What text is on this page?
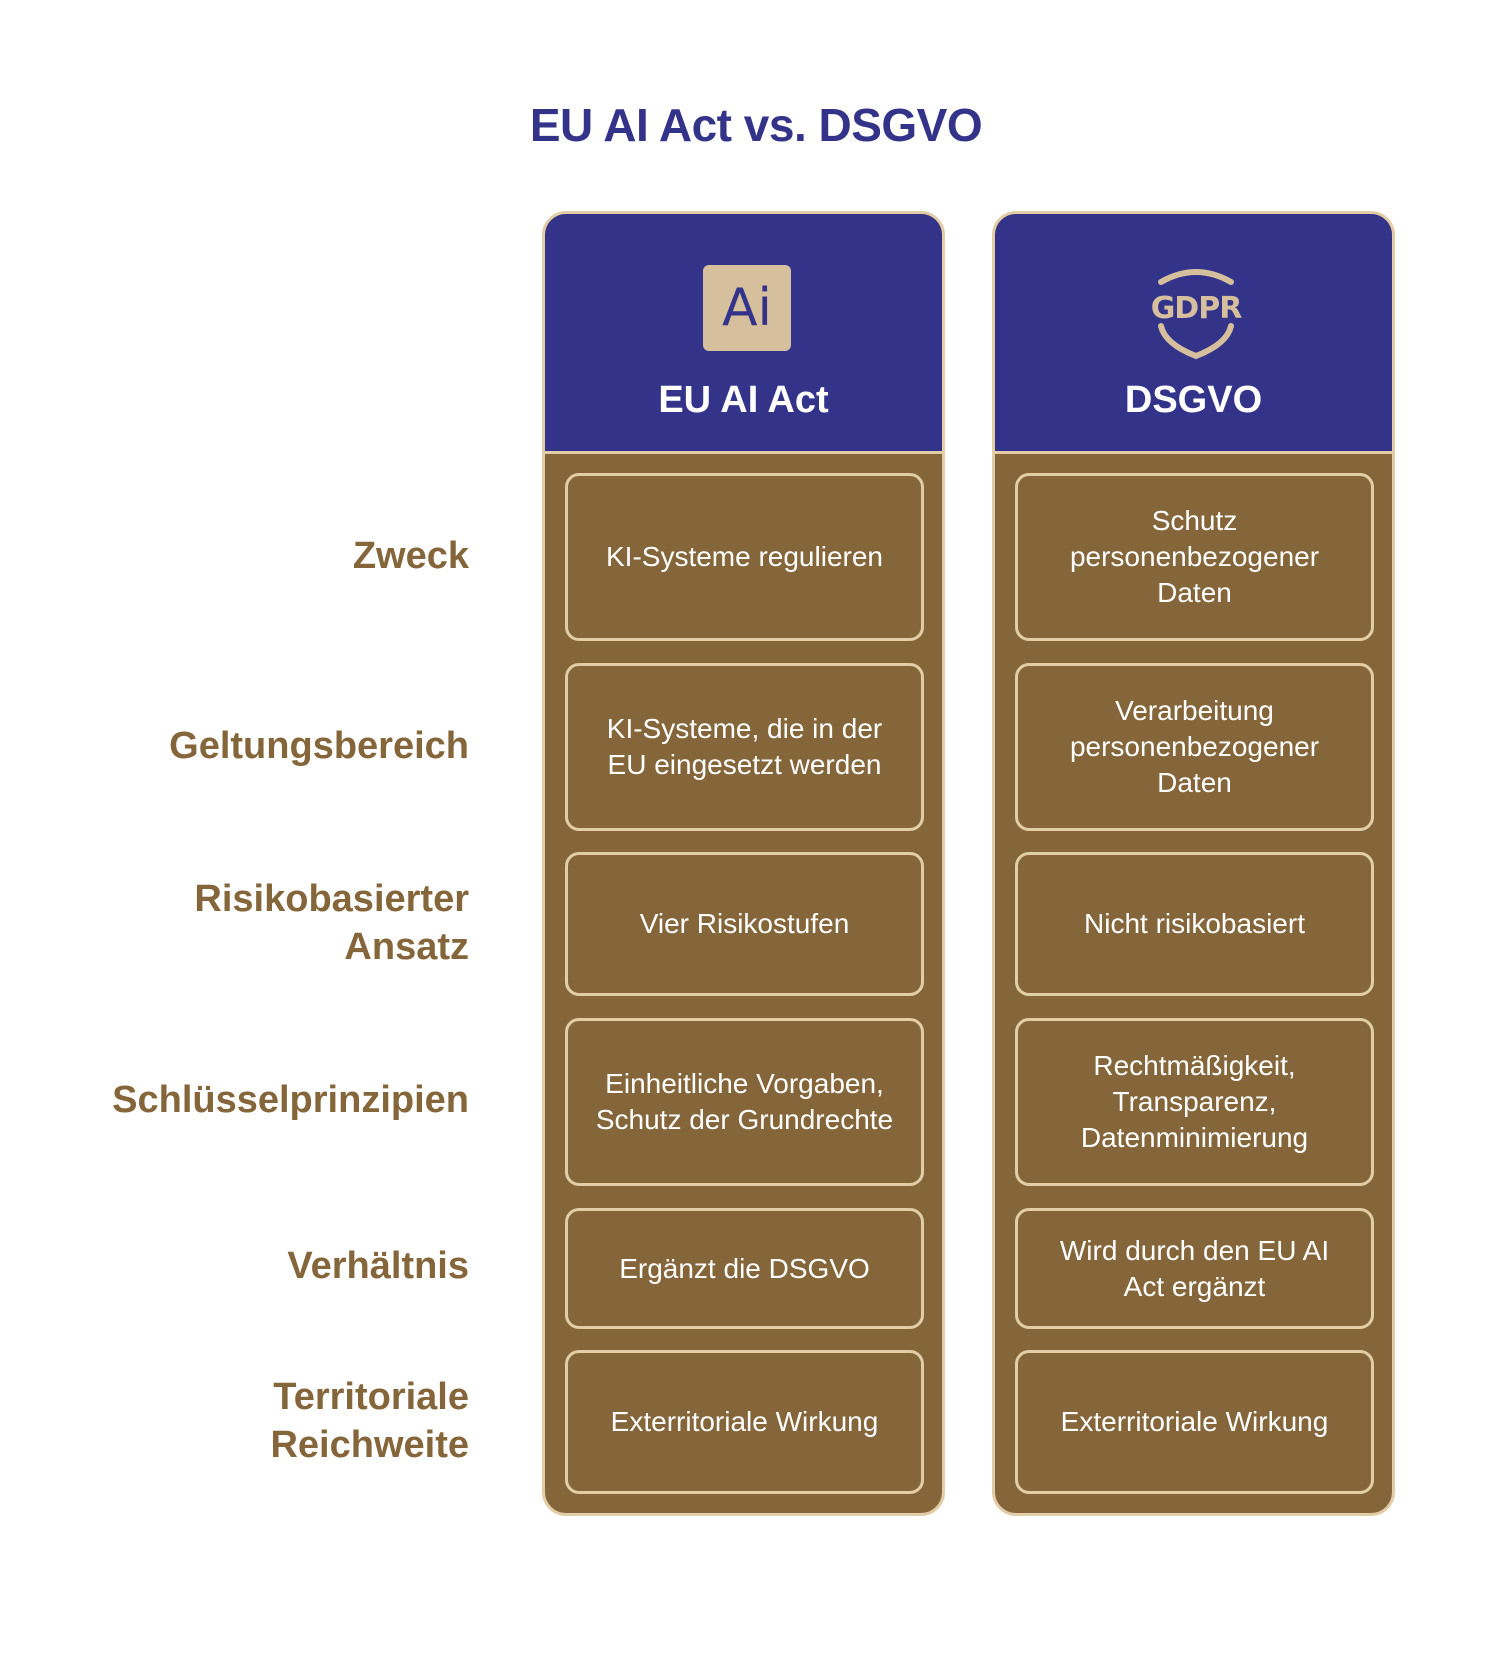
EU AI Act vs. DSGVO
Zweck
Geltungsbereich
Risikobasierter Ansatz
Schlüsselprinzipien
Verhältnis
Territoriale Reichweite
Ai
EU AI Act
KI-Systeme regulieren
KI-Systeme, die in der EU eingesetzt werden
Vier Risikostufen
Einheitliche Vorgaben, Schutz der Grundrechte
Ergänzt die DSGVO
Exterritoriale Wirkung
GDPR
DSGVO
Schutz personenbezogener Daten
Verarbeitung personenbezogener Daten
Nicht risikobasiert
Rechtmäßigkeit, Transparenz, Datenminimierung
Wird durch den EU AI Act ergänzt
Exterritoriale Wirkung
